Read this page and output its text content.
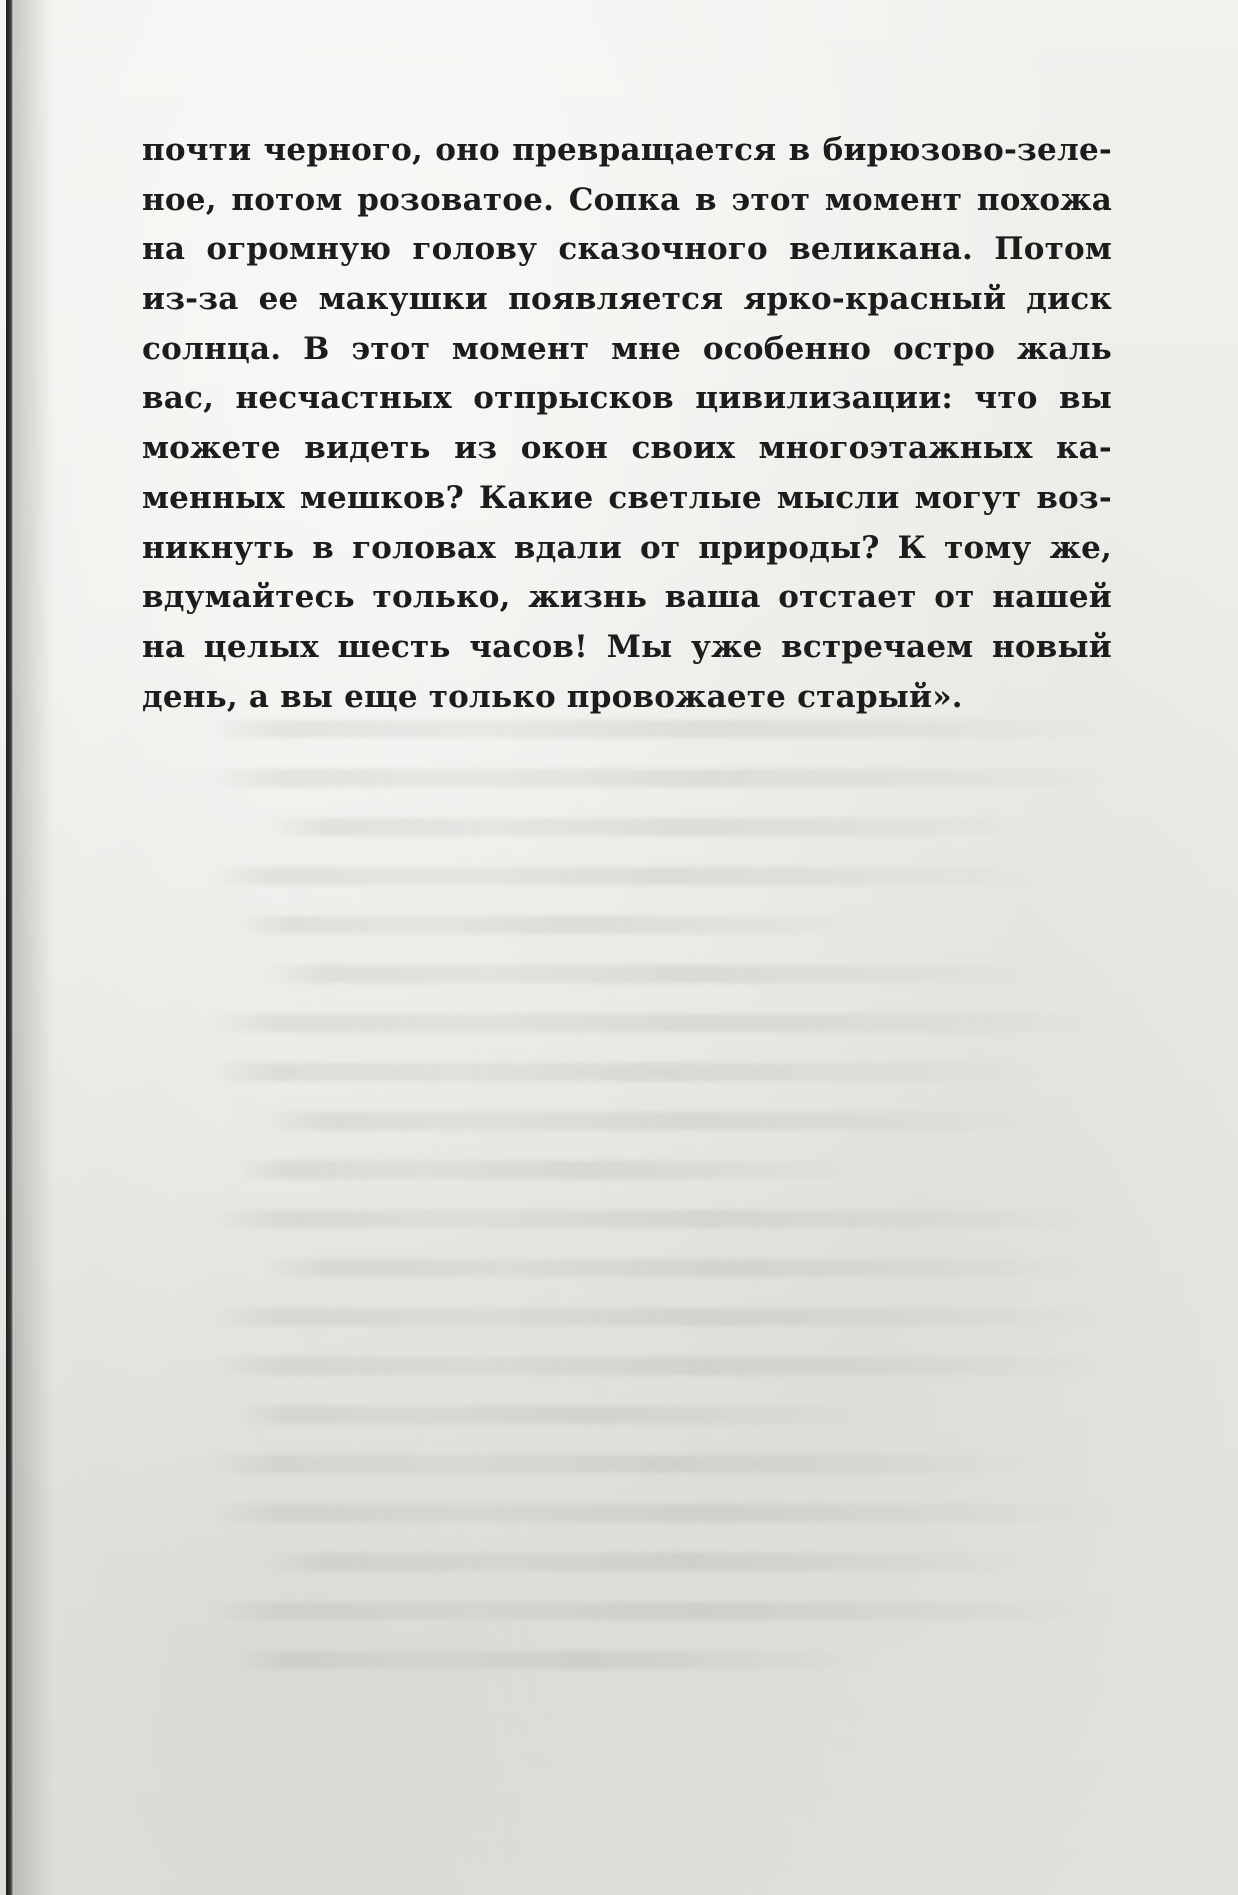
почти черного, оно превращается в бирюзово-зеле-
ное, потом розоватое. Сопка в этот момент похожа
на огромную голову сказочного великана. Потом
из-за ее макушки появляется ярко-красный диск
солнца. В этот момент мне особенно остро жаль
вас, несчастных отпрысков цивилизации: что вы
можете видеть из окон своих многоэтажных ка-
менных мешков? Какие светлые мысли могут воз-
никнуть в головах вдали от природы? К тому же,
вдумайтесь только, жизнь ваша отстает от нашей
на целых шесть часов! Мы уже встречаем новый
день, а вы еще только провожаете старый».
